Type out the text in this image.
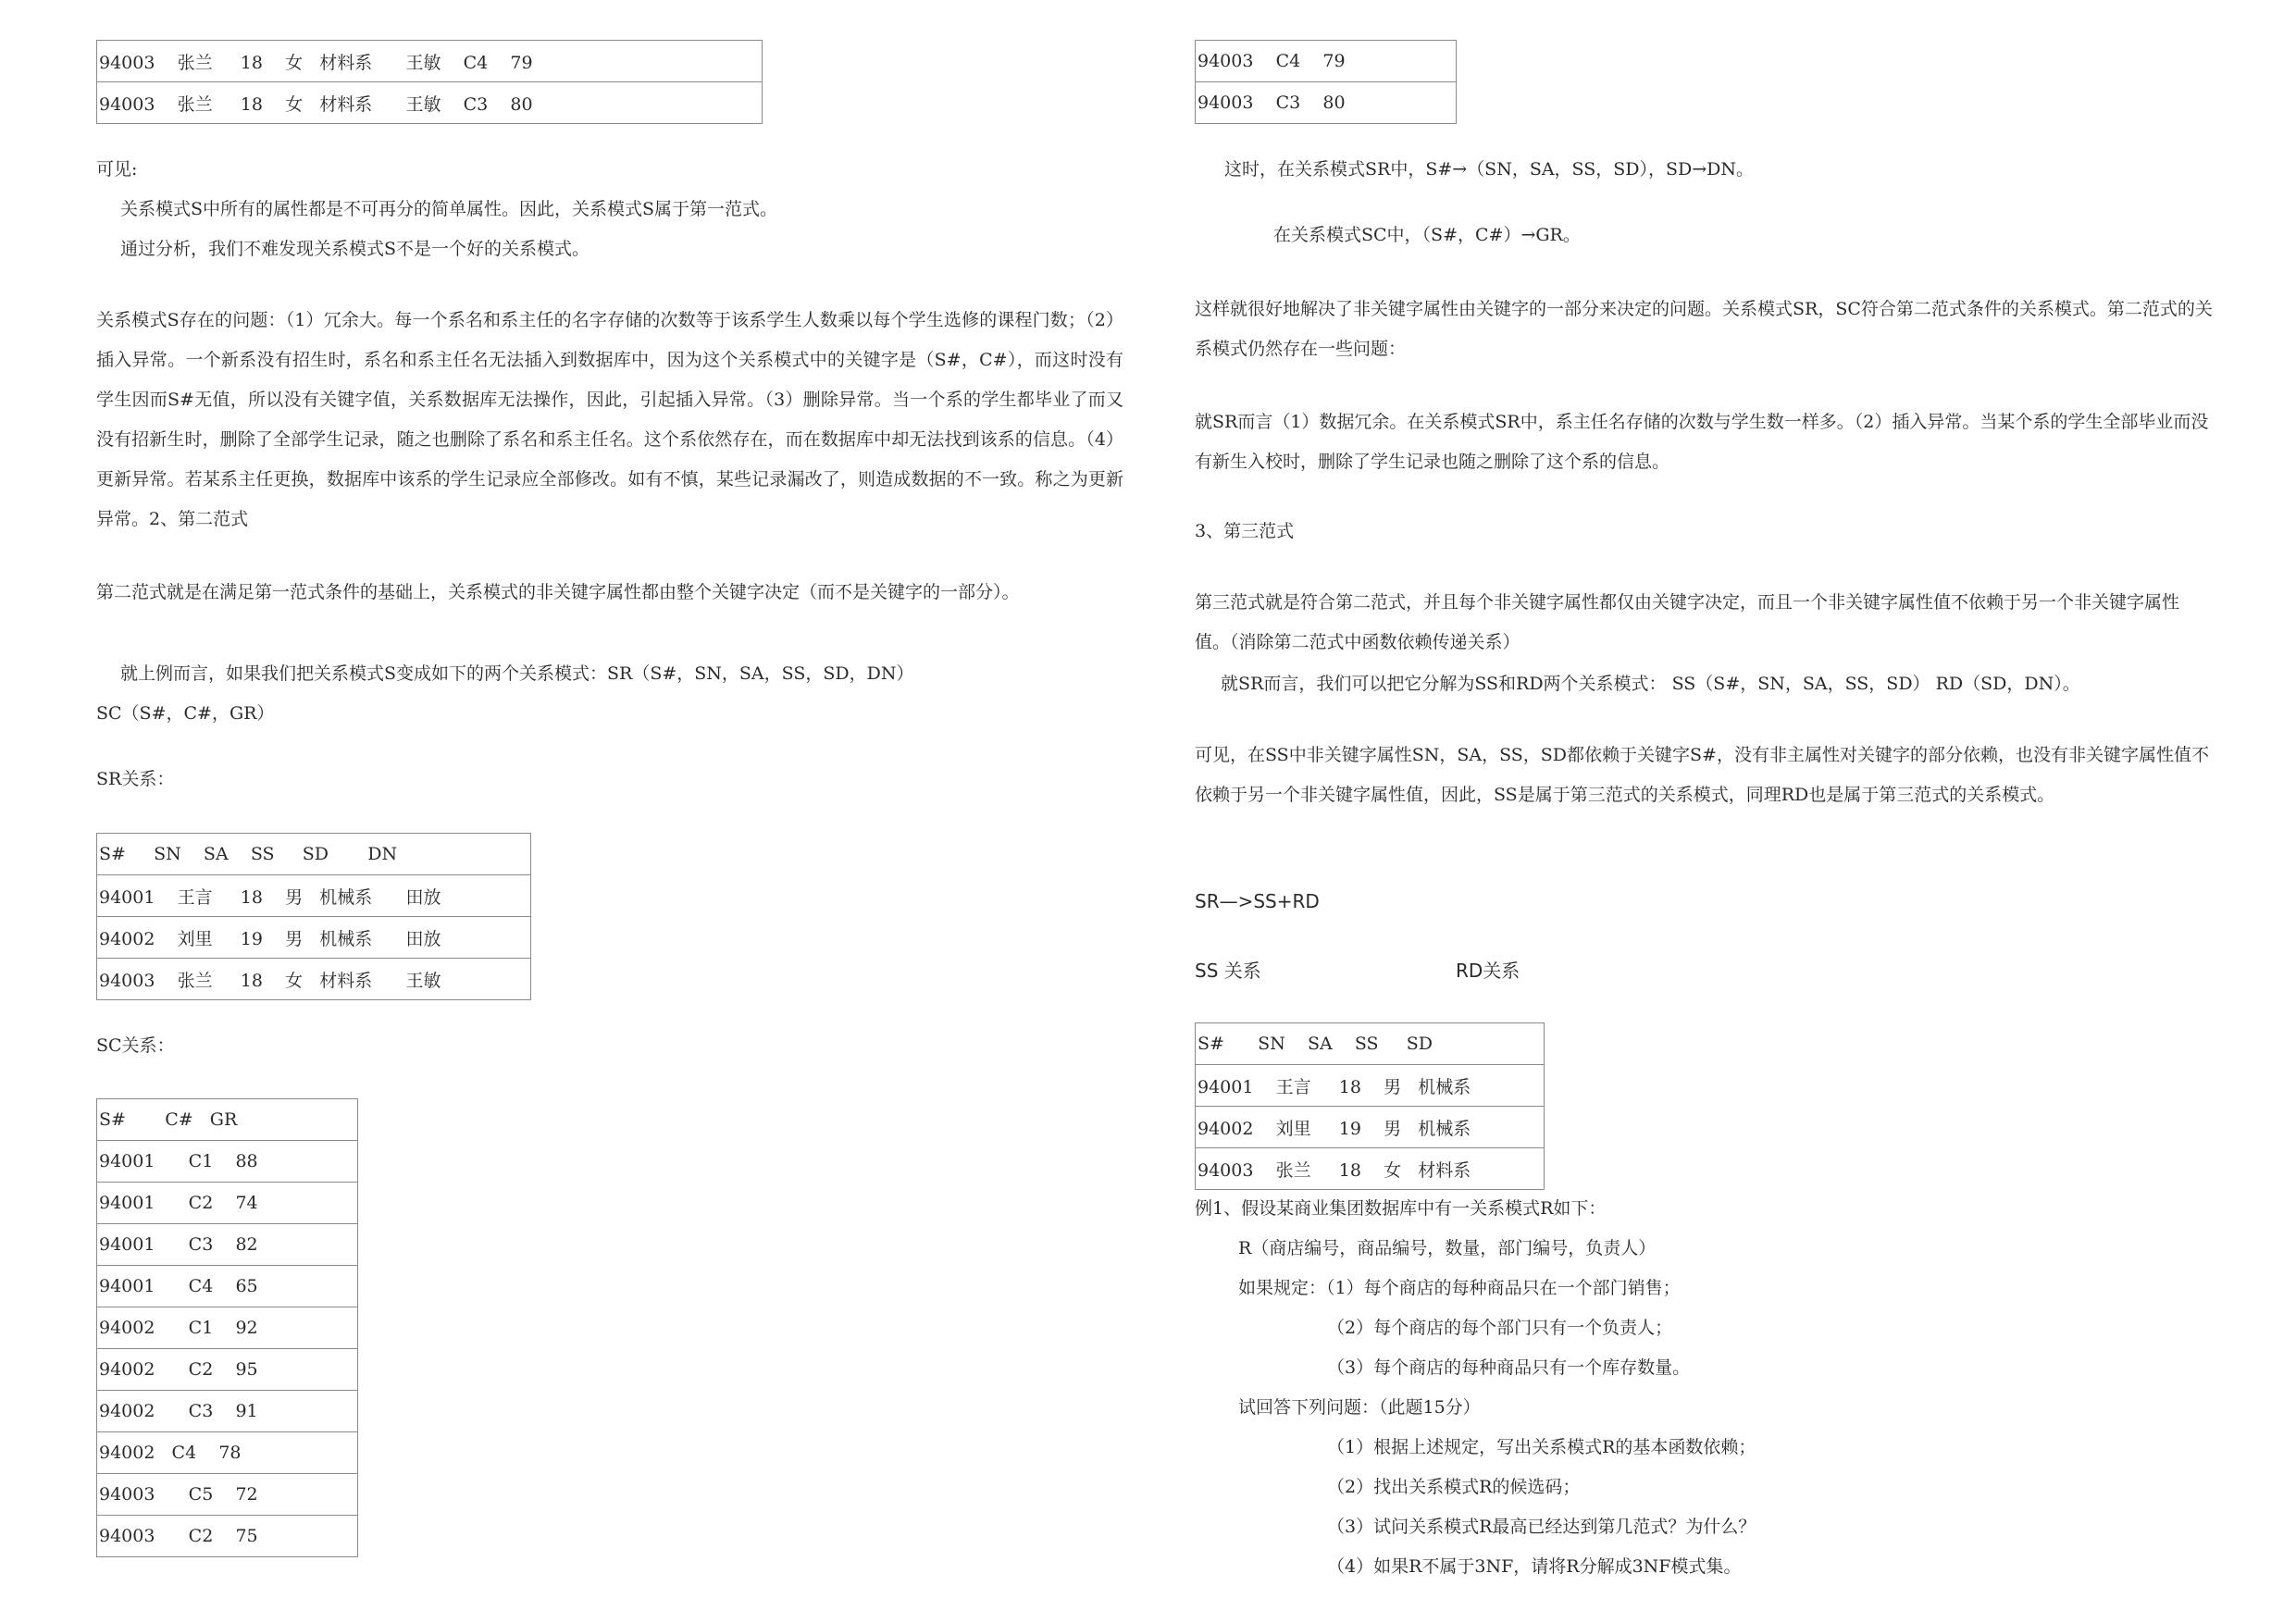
94003    张兰     18    女   材料系      王敏    C4    79
94003    张兰     18    女   材料系      王敏    C3    80
可见:
关系模式S中所有的属性都是不可再分的简单属性。因此，关系模式S属于第一范式。
通过分析，我们不难发现关系模式S不是一个好的关系模式。
关系模式S存在的问题：（1）冗余大。每一个系名和系主任的名字存储的次数等于该系学生人数乘以每个学生选修的课程门数；（2）插入异常。一个新系没有招生时，系名和系主任名无法插入到数据库中，因为这个关系模式中的关键字是（S#，C#），而这时没有学生因而S#无值，所以没有关键字值，关系数据库无法操作，因此，引起插入异常。（3）删除异常。当一个系的学生都毕业了而又没有招新生时，删除了全部学生记录，随之也删除了系名和系主任名。这个系依然存在，而在数据库中却无法找到该系的信息。（4）更新异常。若某系主任更换，数据库中该系的学生记录应全部修改。如有不慎，某些记录漏改了，则造成数据的不一致。称之为更新异常。2、第二范式
第二范式就是在满足第一范式条件的基础上，关系模式的非关键字属性都由整个关键字决定（而不是关键字的一部分）。
就上例而言，如果我们把关系模式S变成如下的两个关系模式：SR（S#，SN，SA，SS，SD，DN）
SC（S#，C#，GR）
SR关系：
S#     SN    SA    SS     SD       DN
94001    王言     18    男   机械系      田放
94002    刘里     19    男   机械系      田放
94003    张兰     18    女   材料系      王敏
SC关系：
S#       C#   GR
94001      C1    88
94001      C2    74
94001      C3    82
94001      C4    65
94002      C1    92
94002      C2    95
94002      C3    91
94002   C4    78
94003      C5    72
94003      C2    75
94003    C4    79
94003    C3    80
这时，在关系模式SR中，S#→（SN，SA，SS，SD），SD→DN。
在关系模式SC中，（S#，C#）→GR。
这样就很好地解决了非关键字属性由关键字的一部分来决定的问题。关系模式SR，SC符合第二范式条件的关系模式。第二范式的关系模式仍然存在一些问题：
就SR而言（1）数据冗余。在关系模式SR中，系主任名存储的次数与学生数一样多。（2）插入异常。当某个系的学生全部毕业而没有新生入校时，删除了学生记录也随之删除了这个系的信息。
3、第三范式
第三范式就是符合第二范式，并且每个非关键字属性都仅由关键字决定，而且一个非关键字属性值不依赖于另一个非关键字属性值。（消除第二范式中函数依赖传递关系）
就SR而言，我们可以把它分解为SS和RD两个关系模式： SS（S#，SN，SA，SS，SD） RD（SD，DN）。
可见，在SS中非关键字属性SN，SA，SS，SD都依赖于关键字S#，没有非主属性对关键字的部分依赖，也没有非关键字属性值不依赖于另一个非关键字属性值，因此，SS是属于第三范式的关系模式，同理RD也是属于第三范式的关系模式。
SR—>SS+RD
SS 关系	RD关系
S#      SN    SA    SS     SD
94001    王言     18    男   机械系
94002    刘里     19    男   机械系
94003    张兰     18    女   材料系
例1、假设某商业集团数据库中有一关系模式R如下：
R（商店编号，商品编号，数量，部门编号，负责人）
如果规定：（1）每个商店的每种商品只在一个部门销售；
（2）每个商店的每个部门只有一个负责人；
（3）每个商店的每种商品只有一个库存数量。
试回答下列问题：（此题15分）
（1）根据上述规定，写出关系模式R的基本函数依赖；
（2）找出关系模式R的候选码；
（3）试问关系模式R最高已经达到第几范式？为什么？
（4）如果R不属于3NF，请将R分解成3NF模式集。
